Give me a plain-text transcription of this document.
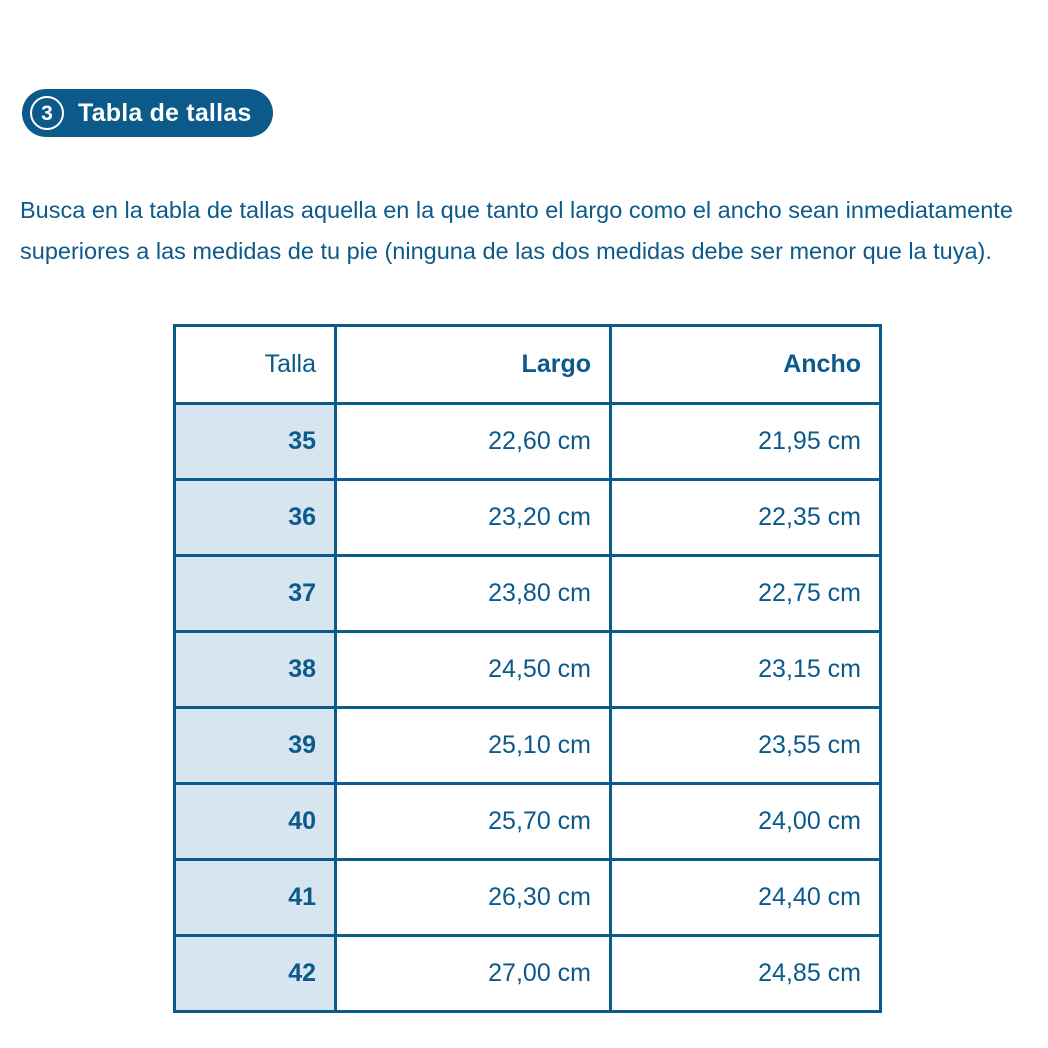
3	Tabla de tallas

Busca en la tabla de tallas aquella en la que tanto el largo como el ancho sean inmediatamente superiores a las medidas de tu pie (ninguna de las dos medidas debe ser menor que la tuya).

Talla	Largo	Ancho
35	22,60 cm	21,95 cm
36	23,20 cm	22,35 cm
37	23,80 cm	22,75 cm
38	24,50 cm	23,15 cm
39	25,10 cm	23,55 cm
40	25,70 cm	24,00 cm
41	26,30 cm	24,40 cm
42	27,00 cm	24,85 cm
